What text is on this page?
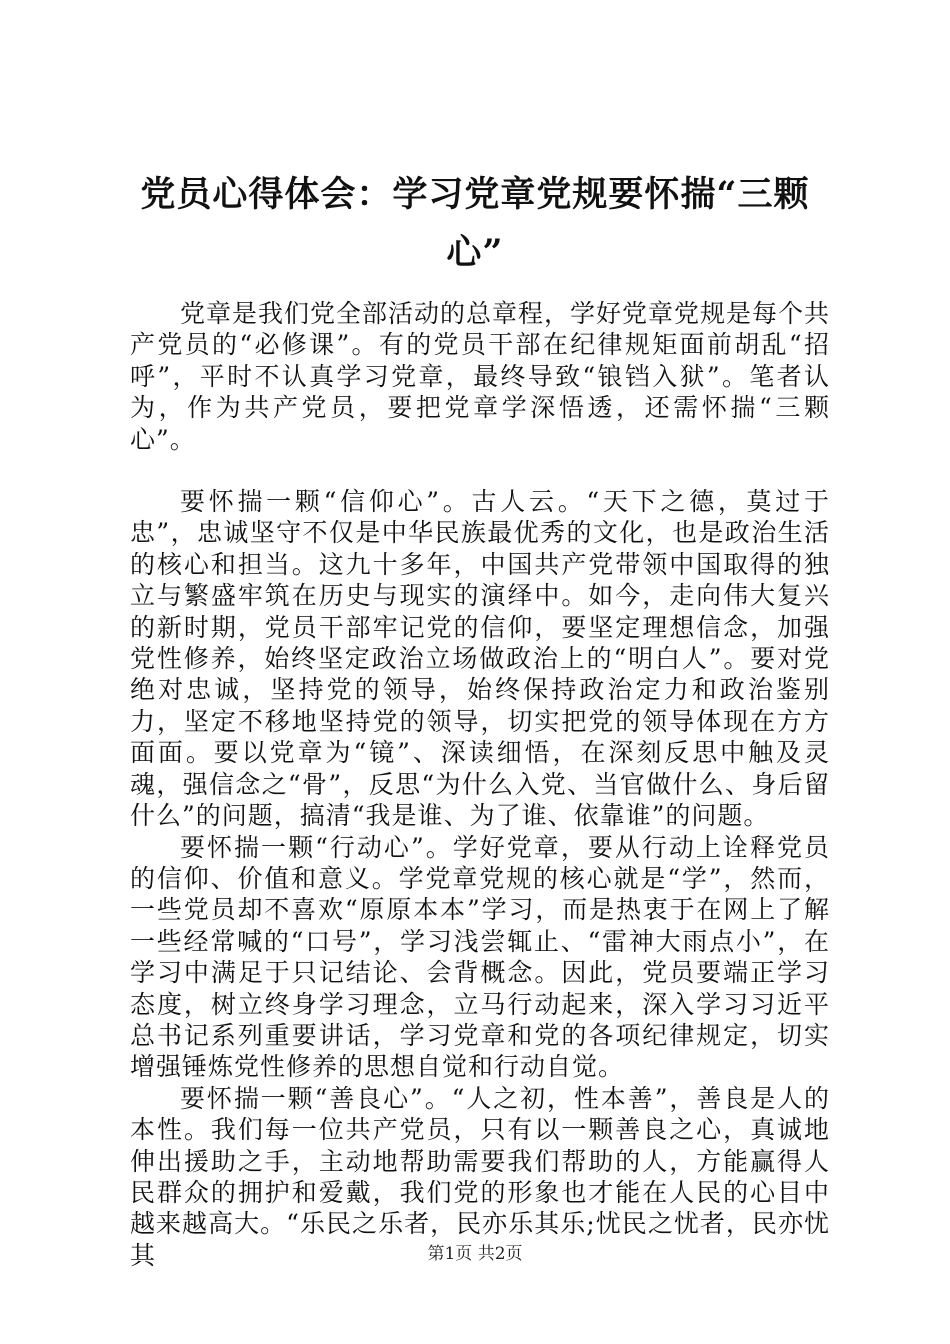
党员心得体会：学习党章党规要怀揣“三颗心”

党章是我们党全部活动的总章程，学好党章党规是每个共产党员的“必修课”。有的党员干部在纪律规矩面前胡乱“招呼”，平时不认真学习党章，最终导致“锒铛入狱”。笔者认为，作为共产党员，要把党章学深悟透，还需怀揣“三颗心”。

要怀揣一颗“信仰心”。古人云。“天下之德，莫过于忠”，忠诚坚守不仅是中华民族最优秀的文化，也是政治生活的核心和担当。这九十多年，中国共产党带领中国取得的独立与繁盛牢筑在历史与现实的演绎中。如今，走向伟大复兴的新时期，党员干部牢记党的信仰，要坚定理想信念，加强党性修养，始终坚定政治立场做政治上的“明白人”。要对党绝对忠诚，坚持党的领导，始终保持政治定力和政治鉴别力，坚定不移地坚持党的领导，切实把党的领导体现在方方面面。要以党章为“镜”、深读细悟，在深刻反思中触及灵魂，强信念之“骨”，反思“为什么入党、当官做什么、身后留什么”的问题，搞清“我是谁、为了谁、依靠谁”的问题。

要怀揣一颗“行动心”。学好党章，要从行动上诠释党员的信仰、价值和意义。学党章党规的核心就是“学”，然而，一些党员却不喜欢“原原本本”学习，而是热衷于在网上了解一些经常喊的“口号”，学习浅尝辄止、“雷神大雨点小”，在学习中满足于只记结论、会背概念。因此，党员要端正学习态度，树立终身学习理念，立马行动起来，深入学习习近平总书记系列重要讲话，学习党章和党的各项纪律规定，切实增强锤炼党性修养的思想自觉和行动自觉。

要怀揣一颗“善良心”。“人之初，性本善”，善良是人的本性。我们每一位共产党员，只有以一颗善良之心，真诚地伸出援助之手，主动地帮助需要我们帮助的人，方能赢得人民群众的拥护和爱戴，我们党的形象也才能在人民的心目中越来越高大。“乐民之乐者，民亦乐其乐;忧民之忧者，民亦忧其	第1页 共2页
